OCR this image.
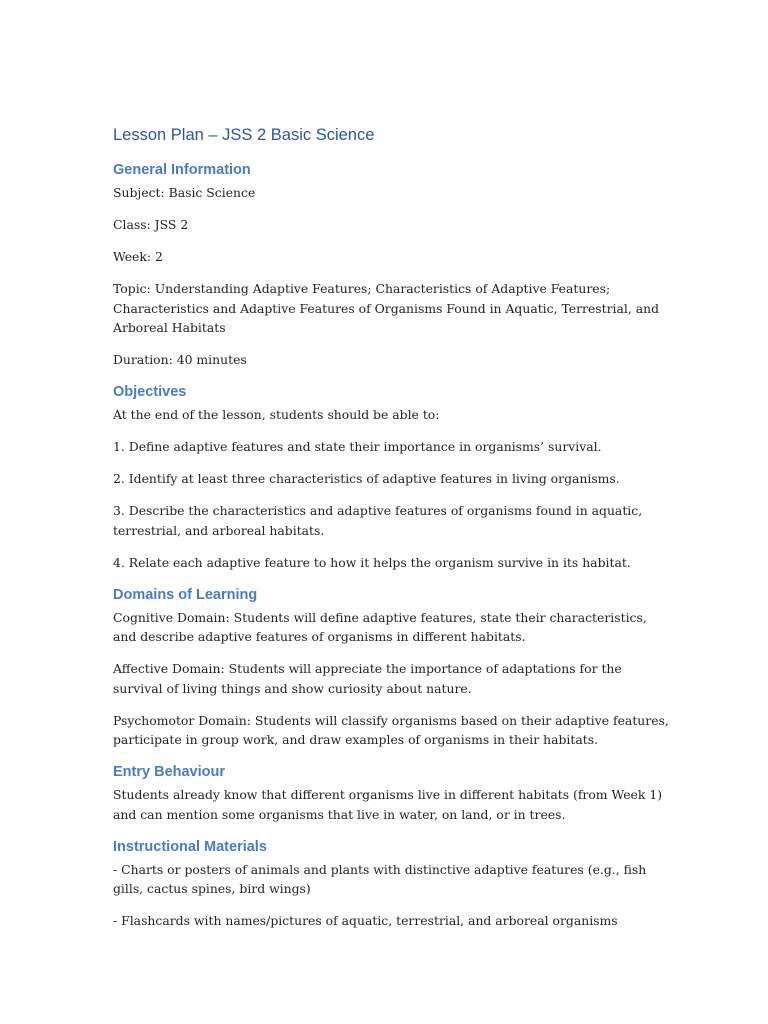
Lesson Plan – JSS 2 Basic Science
General Information

Subject: Basic Science

Class: JSS 2

Week: 2

Topic: Understanding Adaptive Features; Characteristics of Adaptive Features; Characteristics and Adaptive Features of Organisms Found in Aquatic, Terrestrial, and Arboreal Habitats

Duration: 40 minutes

Objectives

At the end of the lesson, students should be able to:

1. Define adaptive features and state their importance in organisms’ survival.

2. Identify at least three characteristics of adaptive features in living organisms.

3. Describe the characteristics and adaptive features of organisms found in aquatic, terrestrial, and arboreal habitats.

4. Relate each adaptive feature to how it helps the organism survive in its habitat.

Domains of Learning

Cognitive Domain: Students will define adaptive features, state their characteristics, and describe adaptive features of organisms in different habitats.

Affective Domain: Students will appreciate the importance of adaptations for the survival of living things and show curiosity about nature.

Psychomotor Domain: Students will classify organisms based on their adaptive features, participate in group work, and draw examples of organisms in their habitats.

Entry Behaviour

Students already know that different organisms live in different habitats (from Week 1) and can mention some organisms that live in water, on land, or in trees.

Instructional Materials

- Charts or posters of animals and plants with distinctive adaptive features (e.g., fish gills, cactus spines, bird wings)

- Flashcards with names/pictures of aquatic, terrestrial, and arboreal organisms
